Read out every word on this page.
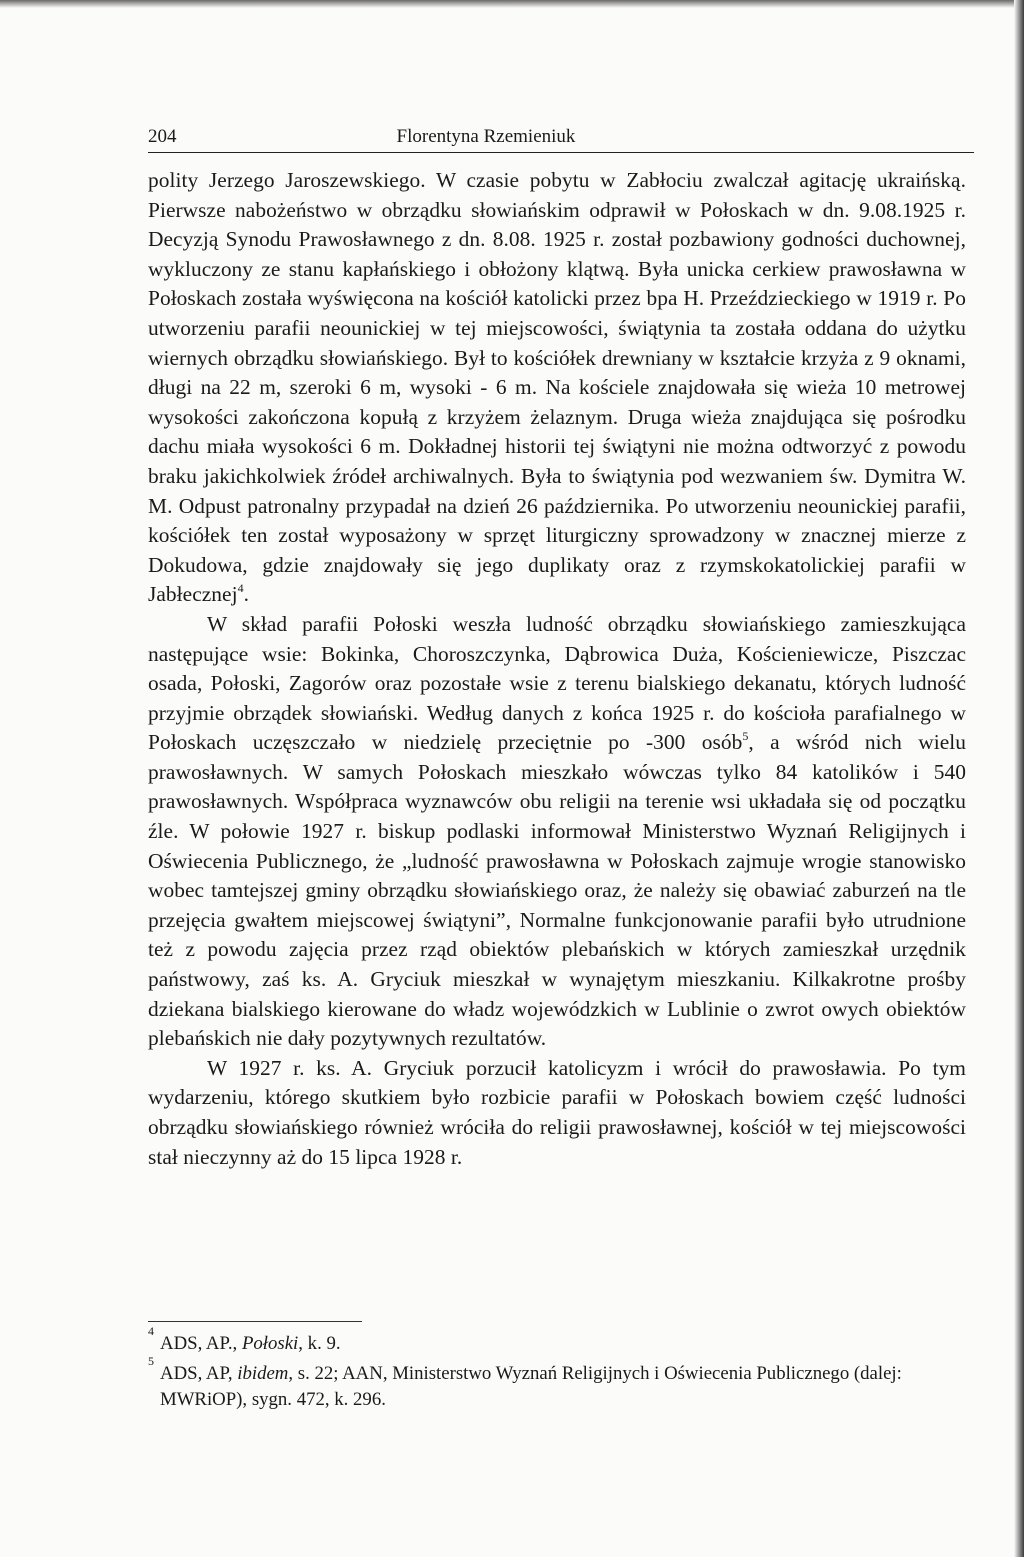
204	Florentyna Rzemieniuk

polity Jerzego Jaroszewskiego. W czasie pobytu w Zabłociu zwalczał agitację ukraińską. Pierwsze nabożeństwo w obrządku słowiańskim odprawił w Połoskach w dn. 9.08.1925 r. Decyzją Synodu Prawosławnego z dn. 8.08. 1925 r. został pozbawiony godności duchownej, wykluczony ze stanu kapłańskiego i obłożony klątwą. Była unicka cerkiew prawosławna w Połoskach została wyświęcona na kościół katolicki przez bpa H. Przeździeckiego w 1919 r. Po utworzeniu parafii neounickiej w tej miejscowości, świątynia ta została oddana do użytku wiernych obrządku słowiańskiego. Był to kościółek drewniany w kształcie krzyża z 9 oknami, długi na 22 m, szeroki 6 m, wysoki - 6 m. Na kościele znajdowała się wieża 10 metrowej wysokości zakończona kopułą z krzyżem żelaznym. Druga wieża znajdująca się pośrodku dachu miała wysokości 6 m. Dokładnej historii tej świątyni nie można odtworzyć z powodu braku jakichkolwiek źródeł archiwalnych. Była to świątynia pod wezwaniem św. Dymitra W. M. Odpust patronalny przypadał na dzień 26 października. Po utworzeniu neounickiej parafii, kościółek ten został wyposażony w sprzęt liturgiczny sprowadzony w znacznej mierze z Dokudowa, gdzie znajdowały się jego duplikaty oraz z rzymskokatolickiej parafii w Jabłecznej$^4$.

W skład parafii Połoski weszła ludność obrządku słowiańskiego zamieszkująca następujące wsie: Bokinka, Choroszczynka, Dąbrowica Duża, Kościeniewicze, Piszczac osada, Połoski, Zagorów oraz pozostałe wsie z terenu bialskiego dekanatu, których ludność przyjmie obrządek słowiański. Według danych z końca 1925 r. do kościoła parafialnego w Połoskach uczęszczało w niedzielę przeciętnie po -300 osób$^5$, a wśród nich wielu prawosławnych. W samych Połoskach mieszkało wówczas tylko 84 katolików i 540 prawosławnych. Współpraca wyznawców obu religii na terenie wsi układała się od początku źle. W połowie 1927 r. biskup podlaski informował Ministerstwo Wyznań Religijnych i Oświecenia Publicznego, że „ludność prawosławna w Połoskach zajmuje wrogie stanowisko wobec tamtejszej gminy obrządku słowiańskiego oraz, że należy się obawiać zaburzeń na tle przejęcia gwałtem miejscowej świątyni”, Normalne funkcjonowanie parafii było utrudnione też z powodu zajęcia przez rząd obiektów plebańskich w których zamieszkał urzędnik państwowy, zaś ks. A. Gryciuk mieszkał w wynajętym mieszkaniu. Kilkakrotne prośby dziekana bialskiego kierowane do władz wojewódzkich w Lublinie o zwrot owych obiektów plebańskich nie dały pozytywnych rezultatów.

W 1927 r. ks. A. Gryciuk porzucił katolicyzm i wrócił do prawosławia. Po tym wydarzeniu, którego skutkiem było rozbicie parafii w Połoskach bowiem część ludności obrządku słowiańskiego również wróciła do religii prawosławnej, kościół w tej miejscowości stał nieczynny aż do 15 lipca 1928 r.

4
ADS, AP., Połoski, k. 9.

5
ADS, AP, ibidem, s. 22; AAN, Ministerstwo Wyznań Religijnych i Oświecenia Publicznego (dalej: MWRiOP), sygn. 472, k. 296.
